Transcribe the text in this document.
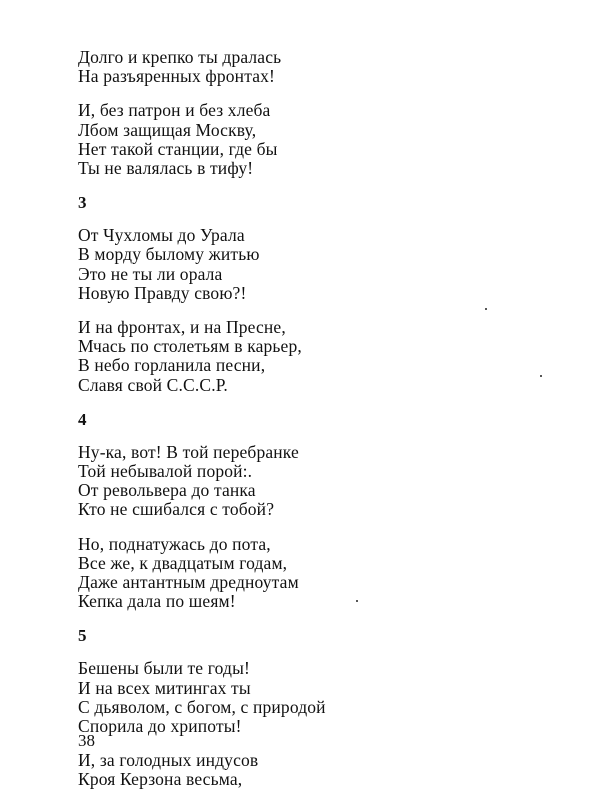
Долго и крепко ты дралась
На разъяренных фронтах!
И, без патрон и без хлеба
Лбом защищая Москву,
Нет такой станции, где бы
Ты не валялась в тифу!
3
От Чухломы до Урала
В морду былому житью
Это не ты ли орала
Новую Правду свою?!
И на фронтах, и на Пресне,
Мчась по столетьям в карьер,
В небо горланила песни,
Славя свой С.С.С.Р.
4
Ну-ка, вот! В той перебранке
Той небывалой порой:.
От револьвера до танка
Кто не сшибался с тобой?
Но, поднатужась до пота,
Все же, к двадцатым годам,
Даже антантным дредноутам
Кепка дала по шеям!
5
Бешены были те годы!
И на всех митингах ты
С дьяволом, с богом, с природой
Спорила до хрипоты!
И, за голодных индусов
Кроя Керзона весьма,
38
